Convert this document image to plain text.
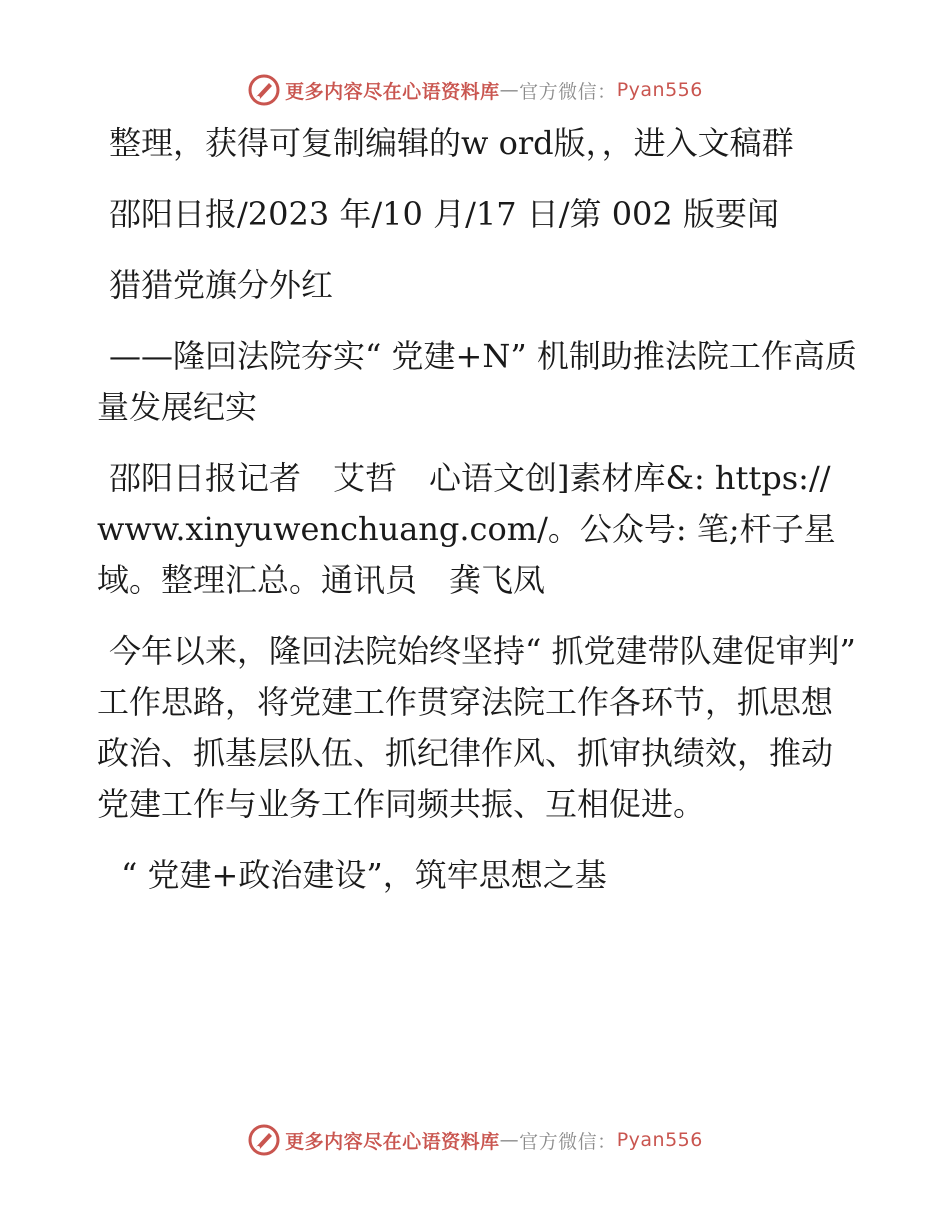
更多内容尽在心语资料库 — 官方微信： Pyan556

整理，获得可复制编辑的w ord版，，进入文稿群

邵阳日报/2023 年/10 月/17 日/第 002 版要闻

猎猎党旗分外红

——隆回法院夯实“ 党建+N” 机制助推法院工作高质量发展纪实

邵阳日报记者　艾哲　心语文创]素材库&: https://www.xinyuwenchuang.com/。公众号: 笔;杆子星域。整理汇总。通讯员　龚飞凤

今年以来，隆回法院始终坚持“ 抓党建带队建促审判” 工作思路，将党建工作贯穿法院工作各环节，抓思想政治、抓基层队伍、抓纪律作风、抓审执绩效，推动党建工作与业务工作同频共振、互相促进。

“ 党建+政治建设”，筑牢思想之基

更多内容尽在心语资料库 — 官方微信： Pyan556
